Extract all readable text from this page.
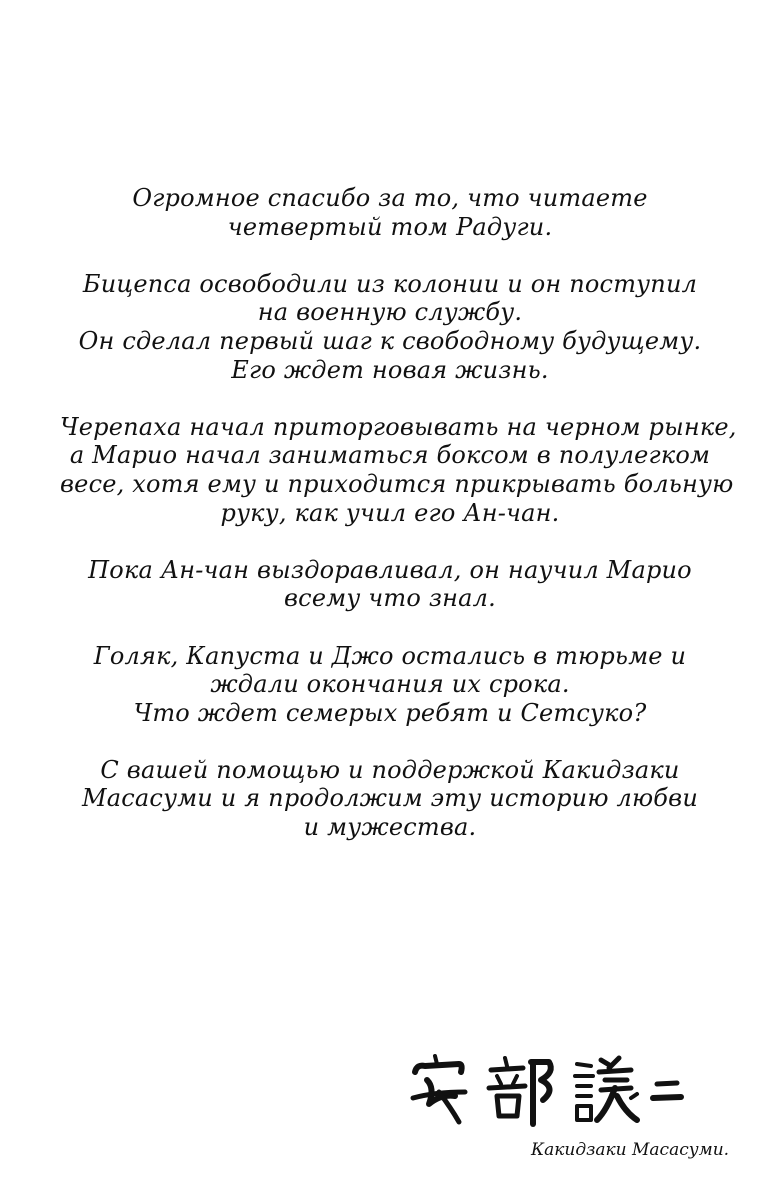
Огромное спасибо за то, что читаете
четвертый том Радуги.

Бицепса освободили из колонии и он поступил
на военную службу.
Он сделал первый шаг к свободному будущему.
Его ждет новая жизнь.

Черепаха начал приторговывать на черном рынке,
а Марио начал заниматься боксом в полулегком
весе, хотя ему и приходится прикрывать больную
руку, как учил его Ан-чан.

Пока Ан-чан выздоравливал, он научил Марио
всему что знал.

Голяк, Капуста и Джо остались в тюрьме и
ждали окончания их срока.
Что ждет семерых ребят и Сетсуко?

С вашей помощью и поддержкой Какидзаки
Масасуми и я продолжим эту историю любви
и мужества.

Какидзаки Масасуми.
